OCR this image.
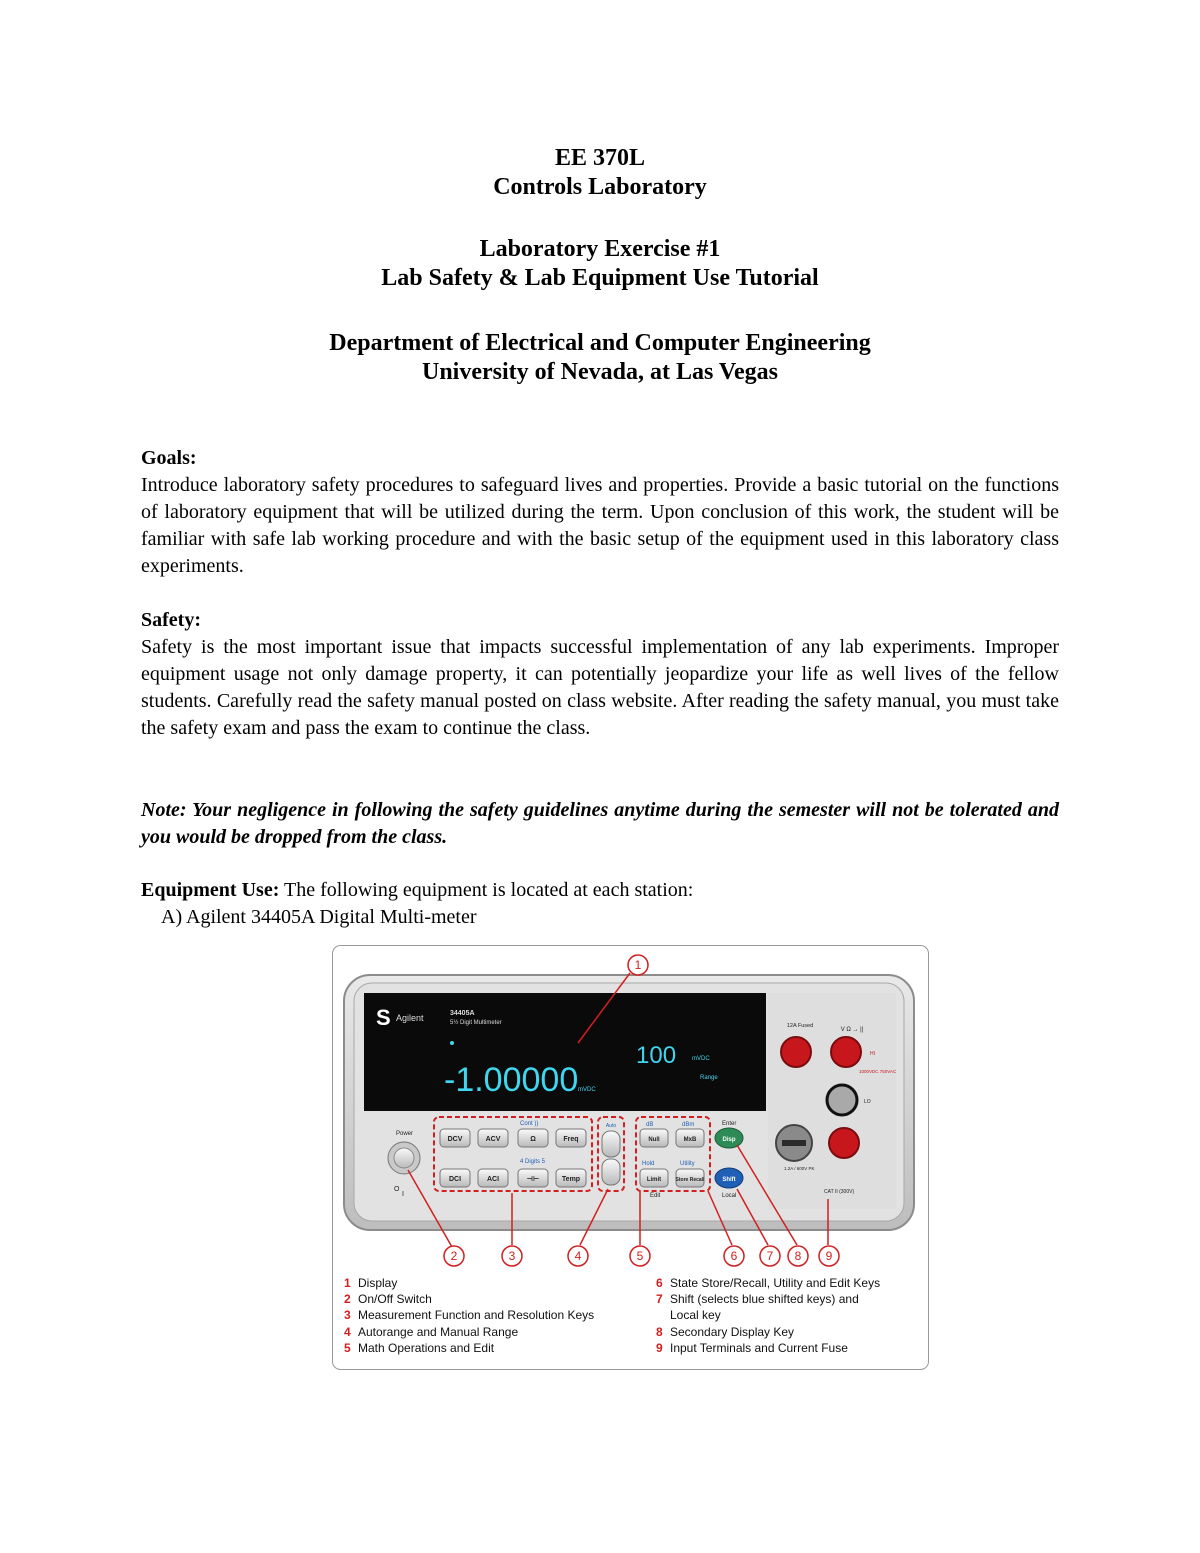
EE 370L
Controls Laboratory
Laboratory Exercise #1
Lab Safety & Lab Equipment Use Tutorial
Department of Electrical and Computer Engineering
University of Nevada, at Las Vegas
Goals:
Introduce laboratory safety procedures to safeguard lives and properties. Provide a basic tutorial on the functions of laboratory equipment that will be utilized during the term. Upon conclusion of this work, the student will be familiar with safe lab working procedure and with the basic setup of the equipment used in this laboratory class experiments.
Safety:
Safety is the most important issue that impacts successful implementation of any lab experiments. Improper equipment usage not only damage property, it can potentially jeopardize your life as well lives of the fellow students. Carefully read the safety manual posted on class website. After reading the safety manual, you must take the safety exam and pass the exam to continue the class.
Note: Your negligence in following the safety guidelines anytime during the semester will not be tolerated and you would be dropped from the class.
Equipment Use: The following equipment is located at each station:
A) Agilent 34405A Digital Multi-meter
S Agilent	34405A
5½ Digit Multimeter
-1.00000 mVDC
100	mVDC
Range
Power
O
I
Cont ))
4 Digits 5
DCV	ACV	Ω	Freq
DCI	ACI	⊣⊢	Temp
Auto	dB	dBm
Hold	Utility
Enter
Edit	Local
Null	MxB
Limit	Store Recall
Disp
Shift
12A Fused
V Ω → ||
HI
1000VDC 750VAC
LO
1.2A / 600V PK
CAT II (300V)
1
2	3	4	5	6 7 8 9
1 Display
2 On/Off Switch
3 Measurement Function and Resolution Keys
4 Autorange and Manual Range
5 Math Operations and Edit
6 State Store/Recall, Utility and Edit Keys
7 Shift (selects blue shifted keys) and
Local key
8 Secondary Display Key
9 Input Terminals and Current Fuse
